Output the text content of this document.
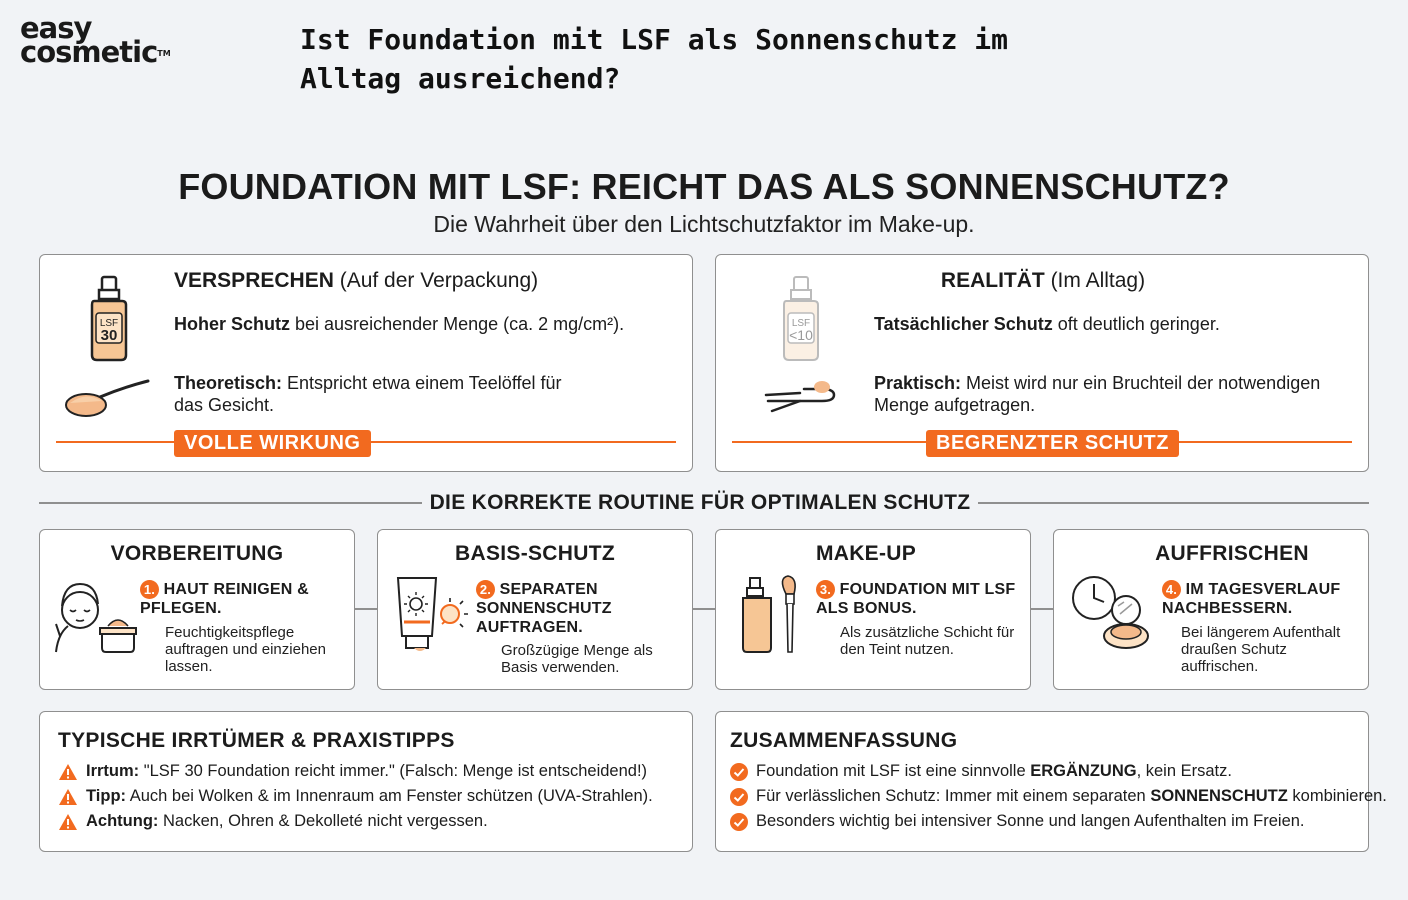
easy
cosmetic™	Ist Foundation mit LSF als Sonnenschutz im Alltag ausreichend?
FOUNDATION MIT LSF: REICHT DAS ALS SONNENSCHUTZ?
Die Wahrheit über den Lichtschutzfaktor im Make-up.
LSF
30
VERSPRECHEN (Auf der Verpackung)
Hoher Schutz bei ausreichender Menge (ca. 2 mg/cm²).
Theoretisch: Entspricht etwa einem Teelöffel für das Gesicht.
VOLLE WIRKUNG
LSF
<10
REALITÄT (Im Alltag)
Tatsächlicher Schutz oft deutlich geringer.
Praktisch: Meist wird nur ein Bruchteil der notwendigen Menge aufgetragen.
BEGRENZTER SCHUTZ
DIE KORREKTE ROUTINE FÜR OPTIMALEN SCHUTZ
VORBEREITUNG
1. HAUT REINIGEN & PFLEGEN.
Feuchtigkeitspflege auftragen und einziehen lassen.
BASIS-SCHUTZ
2. SEPARATEN SONNENSCHUTZ AUFTRAGEN.
Großzügige Menge als Basis verwenden.
MAKE-UP
3. FOUNDATION MIT LSF ALS BONUS.
Als zusätzliche Schicht für den Teint nutzen.
AUFFRISCHEN
4. IM TAGESVERLAUF NACHBESSERN.
Bei längerem Aufenthalt draußen Schutz auffrischen.
TYPISCHE IRRTÜMER & PRAXISTIPPS
Irrtum: "LSF 30 Foundation reicht immer." (Falsch: Menge ist entscheidend!)
Tipp: Auch bei Wolken & im Innenraum am Fenster schützen (UVA-Strahlen).
Achtung: Nacken, Ohren & Dekolleté nicht vergessen.
ZUSAMMENFASSUNG
Foundation mit LSF ist eine sinnvolle ERGÄNZUNG, kein Ersatz.
Für verlässlichen Schutz: Immer mit einem separaten SONNENSCHUTZ kombinieren.
Besonders wichtig bei intensiver Sonne und langen Aufenthalten im Freien.
